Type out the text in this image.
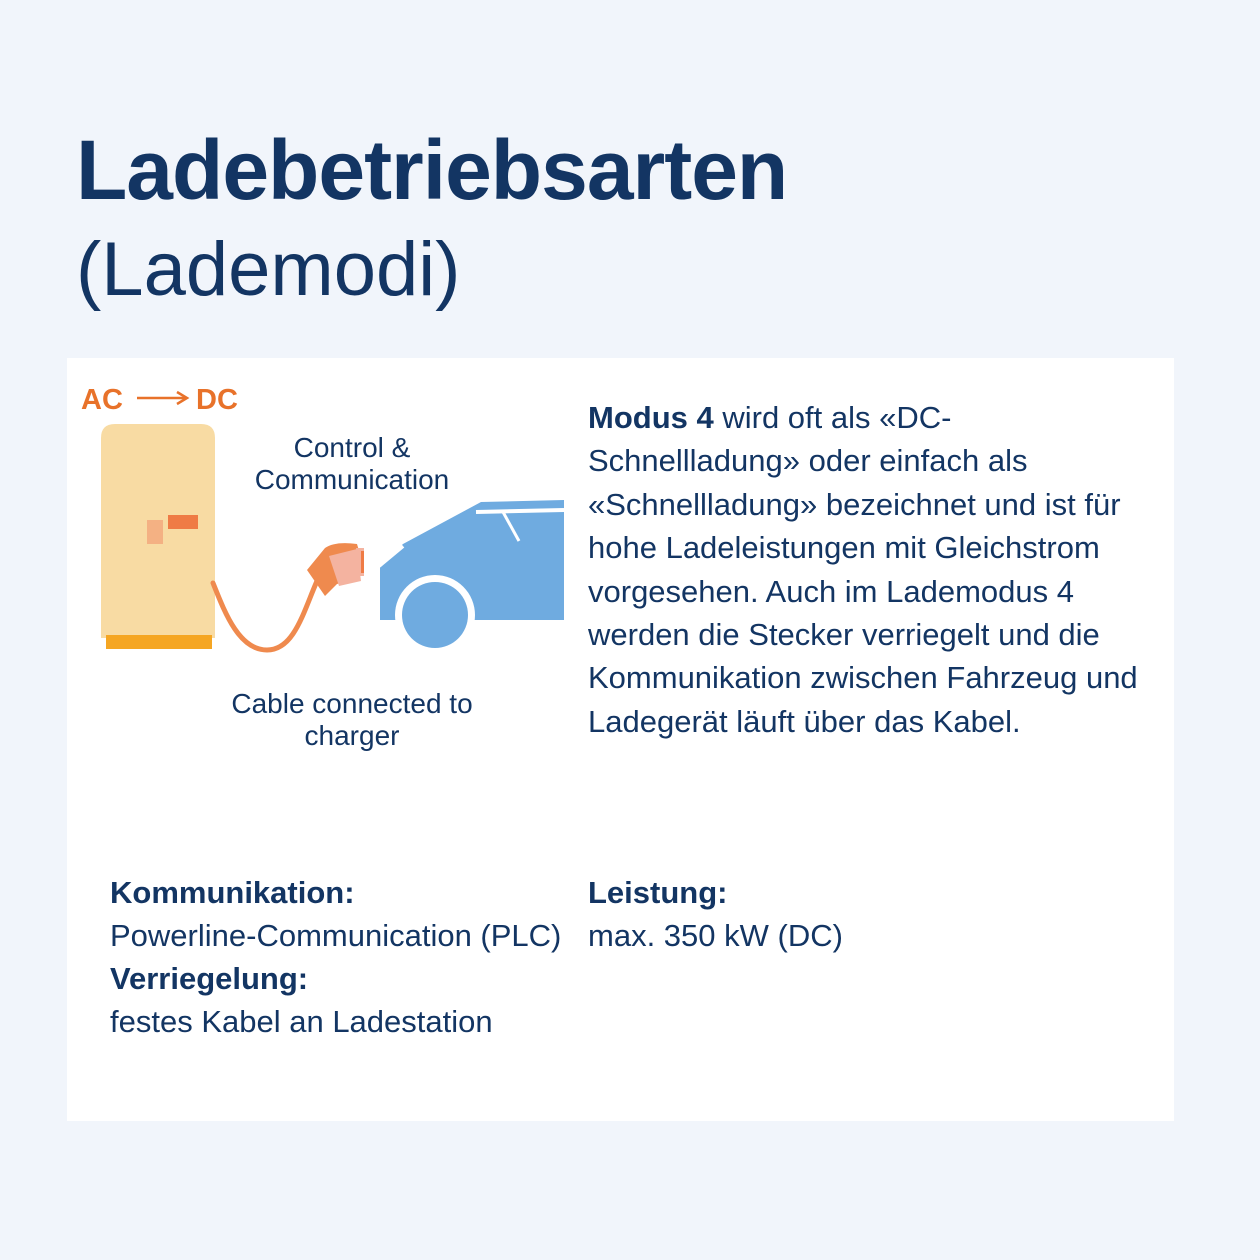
Ladebetriebsarten
(Lademodi)
AC	DC
Control & Communication
Cable connected to charger
Modus 4 wird oft als «DC-Schnellladung» oder einfach als «Schnellladung» bezeichnet und ist für hohe Ladeleistungen mit Gleichstrom vorgesehen. Auch im Lademodus 4 werden die Stecker verriegelt und die Kommunikation zwischen Fahrzeug und Ladegerät läuft über das Kabel.
Kommunikation:
Powerline-Communication (PLC)
Verriegelung:
festes Kabel an Ladestation
Leistung:
max. 350 kW (DC)
